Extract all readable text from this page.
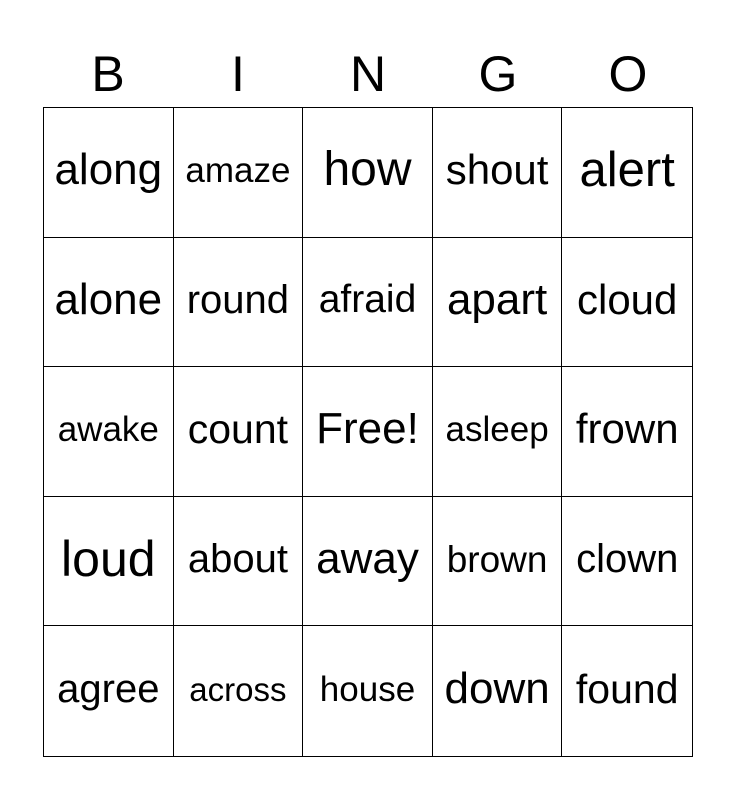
B	I	N	G	O
along amaze how shout alert
alone round afraid apart cloud
awake count Free! asleep frown
loud about away brown clown
agree across house down found
